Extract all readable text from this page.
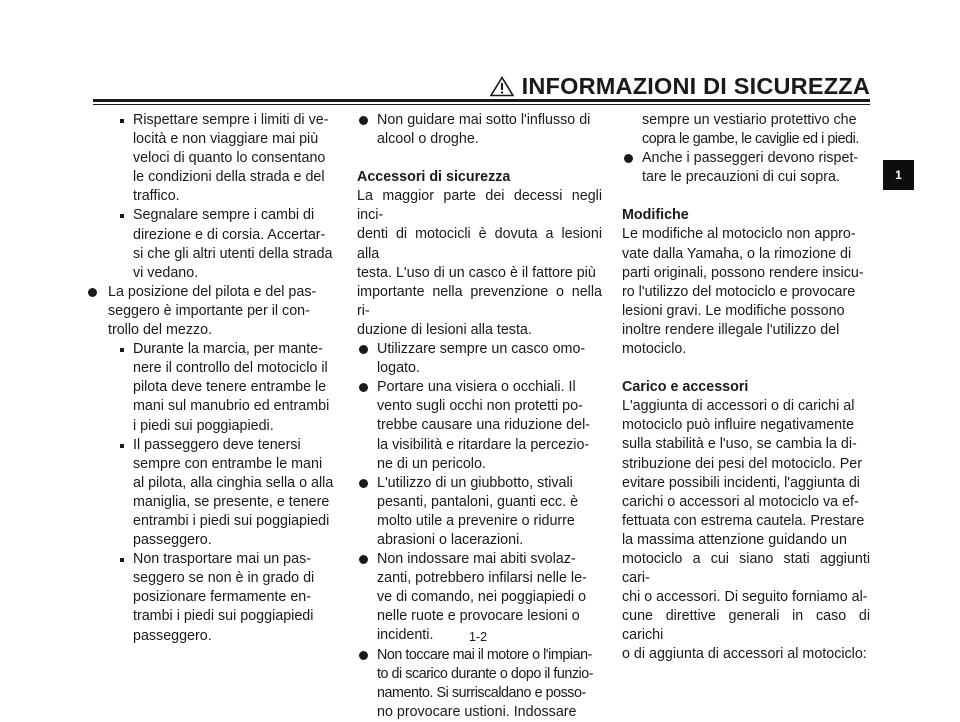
INFORMAZIONI DI SICUREZZA
Rispettare sempre i limiti di ve-
locità e non viaggiare mai più
veloci di quanto lo consentano
le condizioni della strada e del
traffico.
Segnalare sempre i cambi di
direzione e di corsia. Accertar-
si che gli altri utenti della strada
vi vedano.
La posizione del pilota e del pas-
seggero è importante per il con-
trollo del mezzo.
Durante la marcia, per mante-
nere il controllo del motociclo il
pilota deve tenere entrambe le
mani sul manubrio ed entrambi
i piedi sui poggiapiedi.
Il passeggero deve tenersi
sempre con entrambe le mani
al pilota, alla cinghia sella o alla
maniglia, se presente, e tenere
entrambi i piedi sui poggiapiedi
passeggero.
Non trasportare mai un pas-
seggero se non è in grado di
posizionare fermamente en-
trambi i piedi sui poggiapiedi
passeggero.
Non guidare mai sotto l'influsso di
alcool o droghe.
Accessori di sicurezza
La maggior parte dei decessi negli inci-
denti di motocicli è dovuta a lesioni alla
testa. L'uso di un casco è il fattore più
importante nella prevenzione o nella ri-
duzione di lesioni alla testa.
Utilizzare sempre un casco omo-
logato.
Portare una visiera o occhiali. Il
vento sugli occhi non protetti po-
trebbe causare una riduzione del-
la visibilità e ritardare la percezio-
ne di un pericolo.
L'utilizzo di un giubbotto, stivali
pesanti, pantaloni, guanti ecc. è
molto utile a prevenire o ridurre
abrasioni o lacerazioni.
Non indossare mai abiti svolaz-
zanti, potrebbero infilarsi nelle le-
ve di comando, nei poggiapiedi o
nelle ruote e provocare lesioni o
incidenti.
Non toccare mai il motore o l'impian-
to di scarico durante o dopo il funzio-
namento. Si surriscaldano e posso-
no provocare ustioni. Indossare
sempre un vestiario protettivo che
copra le gambe, le caviglie ed i piedi.
Anche i passeggeri devono rispet-
tare le precauzioni di cui sopra.
Modifiche
Le modifiche al motociclo non appro-
vate dalla Yamaha, o la rimozione di
parti originali, possono rendere insicu-
ro l'utilizzo del motociclo e provocare
lesioni gravi. Le modifiche possono
inoltre rendere illegale l'utilizzo del
motociclo.
Carico e accessori
L'aggiunta di accessori o di carichi al
motociclo può influire negativamente
sulla stabilità e l'uso, se cambia la di-
stribuzione dei pesi del motociclo. Per
evitare possibili incidenti, l'aggiunta di
carichi o accessori al motociclo va ef-
fettuata con estrema cautela. Prestare
la massima attenzione guidando un
motociclo a cui siano stati aggiunti cari-
chi o accessori. Di seguito forniamo al-
cune direttive generali in caso di carichi
o di aggiunta di accessori al motociclo:
1-2
1
